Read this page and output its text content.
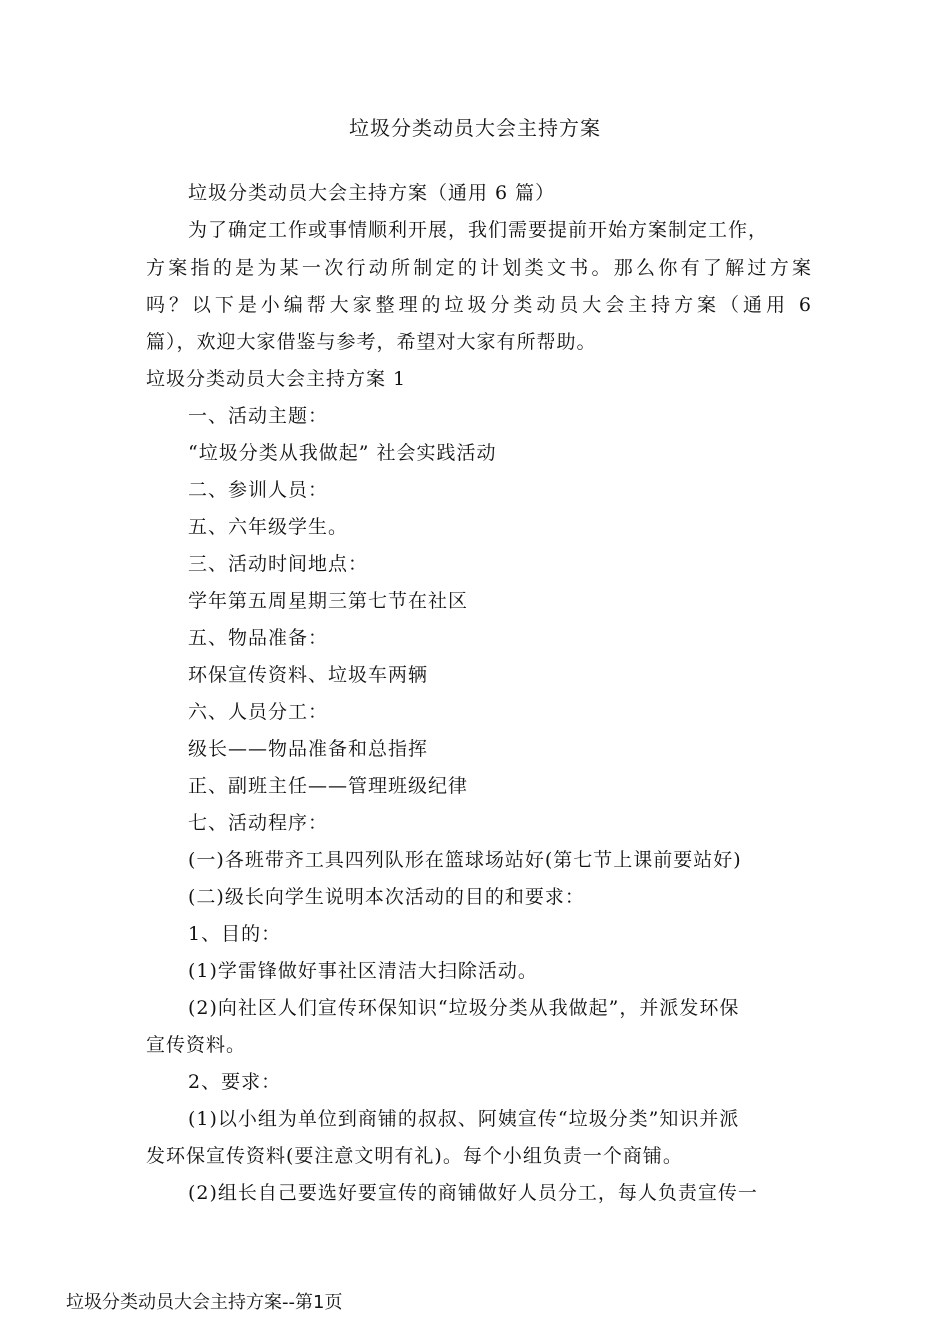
垃圾分类动员大会主持方案
垃圾分类动员大会主持方案（通用 6 篇）
为了确定工作或事情顺利开展，我们需要提前开始方案制定工作，
方案指的是为某一次行动所制定的计划类文书。那么你有了解过方案
吗？以下是小编帮大家整理的垃圾分类动员大会主持方案（通用 6
篇），欢迎大家借鉴与参考，希望对大家有所帮助。
垃圾分类动员大会主持方案 1
一、活动主题：
“垃圾分类从我做起” 社会实践活动
二、参训人员：
五、六年级学生。
三、活动时间地点：
学年第五周星期三第七节在社区
五、物品准备：
环保宣传资料、垃圾车两辆
六、人员分工：
级长——物品准备和总指挥
正、副班主任——管理班级纪律
七、活动程序：
(一)各班带齐工具四列队形在篮球场站好(第七节上课前要站好)
(二)级长向学生说明本次活动的目的和要求：
1、目的：
(1)学雷锋做好事社区清洁大扫除活动。
(2)向社区人们宣传环保知识“垃圾分类从我做起”，并派发环保
宣传资料。
2、要求：
(1)以小组为单位到商铺的叔叔、阿姨宣传“垃圾分类”知识并派
发环保宣传资料(要注意文明有礼)。每个小组负责一个商铺。
(2)组长自己要选好要宣传的商铺做好人员分工，每人负责宣传一
垃圾分类动员大会主持方案--第1页
